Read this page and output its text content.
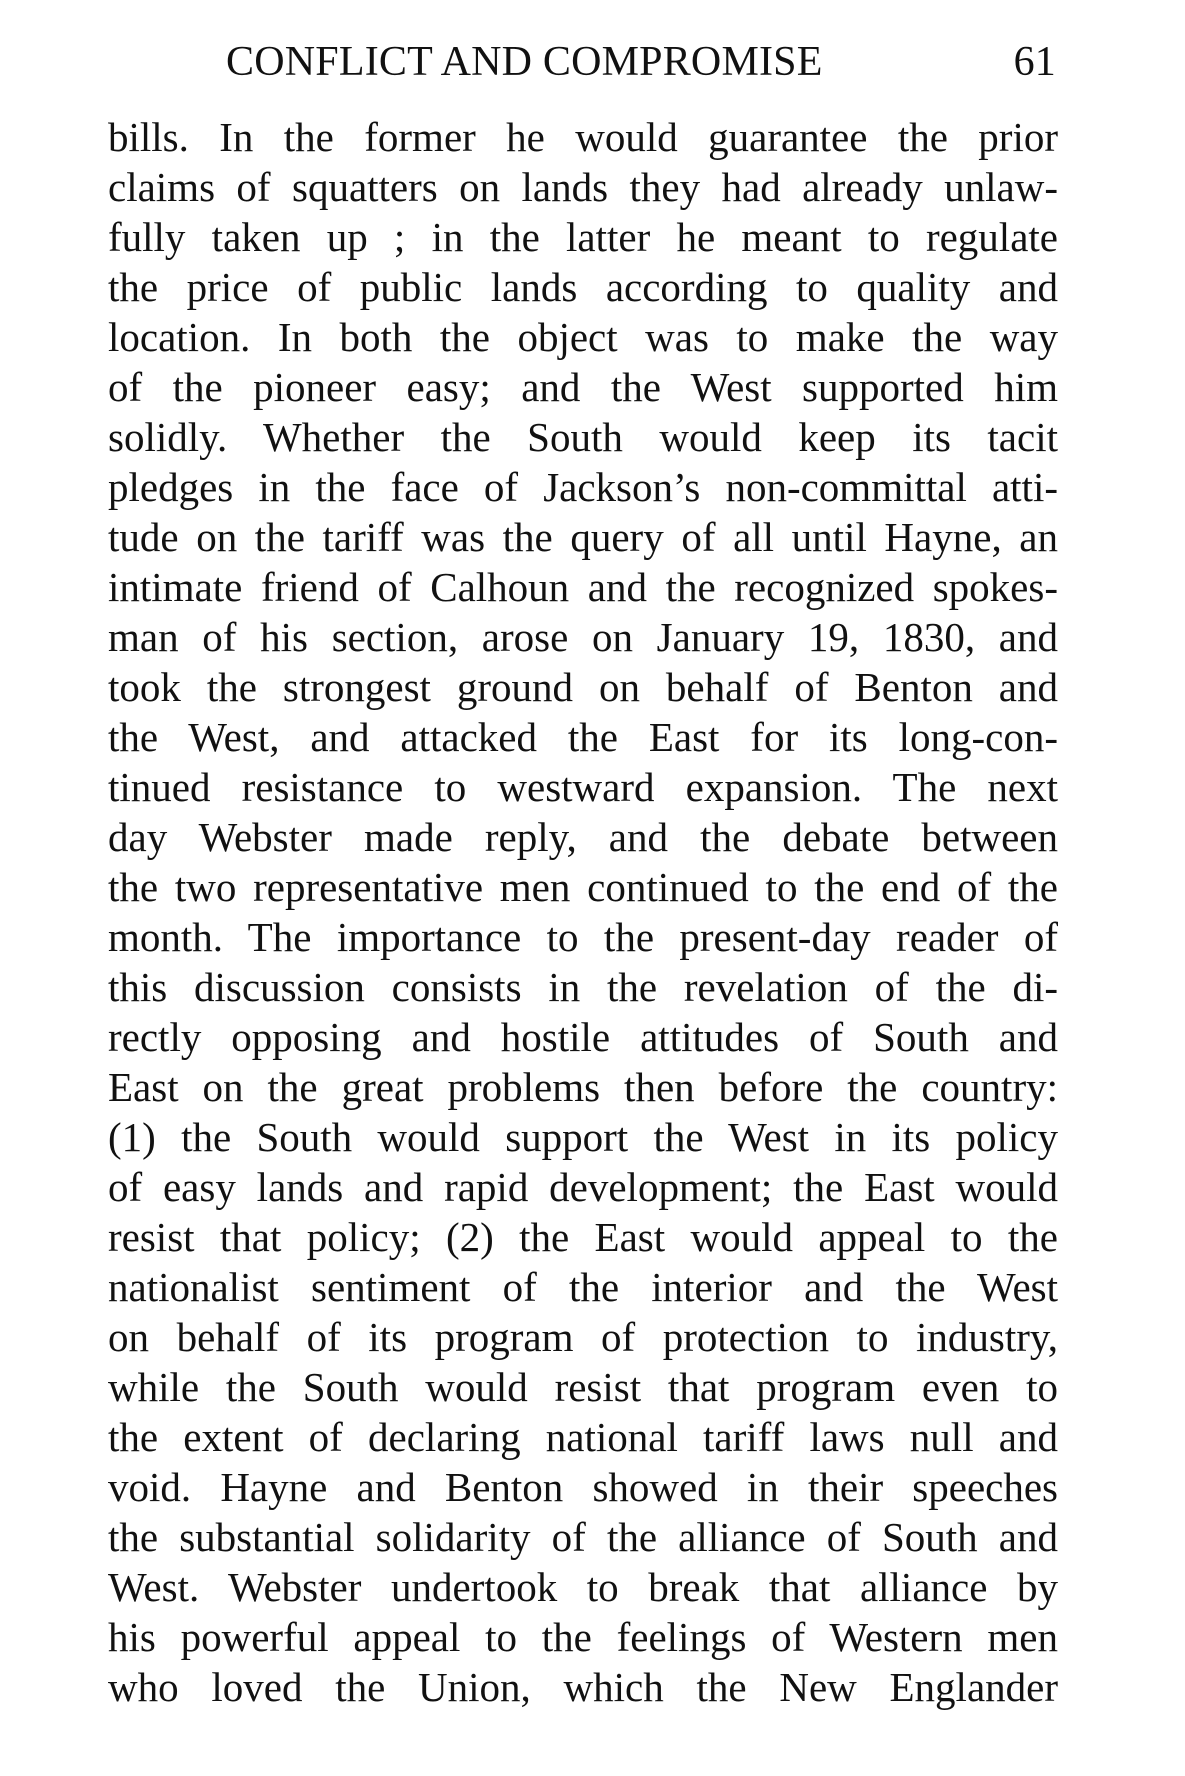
CONFLICT AND COMPROMISE	61
bills. In the former he would guarantee the prior
claims of squatters on lands they had already unlaw-
fully taken up ; in the latter he meant to regulate
the price of public lands according to quality and
location. In both the object was to make the way
of the pioneer easy; and the West supported him
solidly. Whether the South would keep its tacit
pledges in the face of Jackson’s non-committal atti-
tude on the tariff was the query of all until Hayne, an
intimate friend of Calhoun and the recognized spokes-
man of his section, arose on January 19, 1830, and
took the strongest ground on behalf of Benton and
the West, and attacked the East for its long-con-
tinued resistance to westward expansion. The next
day Webster made reply, and the debate between
the two representative men continued to the end of the
month. The importance to the present-day reader of
this discussion consists in the revelation of the di-
rectly opposing and hostile attitudes of South and
East on the great problems then before the country:
(1) the South would support the West in its policy
of easy lands and rapid development; the East would
resist that policy; (2) the East would appeal to the
nationalist sentiment of the interior and the West
on behalf of its program of protection to industry,
while the South would resist that program even to
the extent of declaring national tariff laws null and
void. Hayne and Benton showed in their speeches
the substantial solidarity of the alliance of South and
West. Webster undertook to break that alliance by
his powerful appeal to the feelings of Western men
who loved the Union, which the New Englander
